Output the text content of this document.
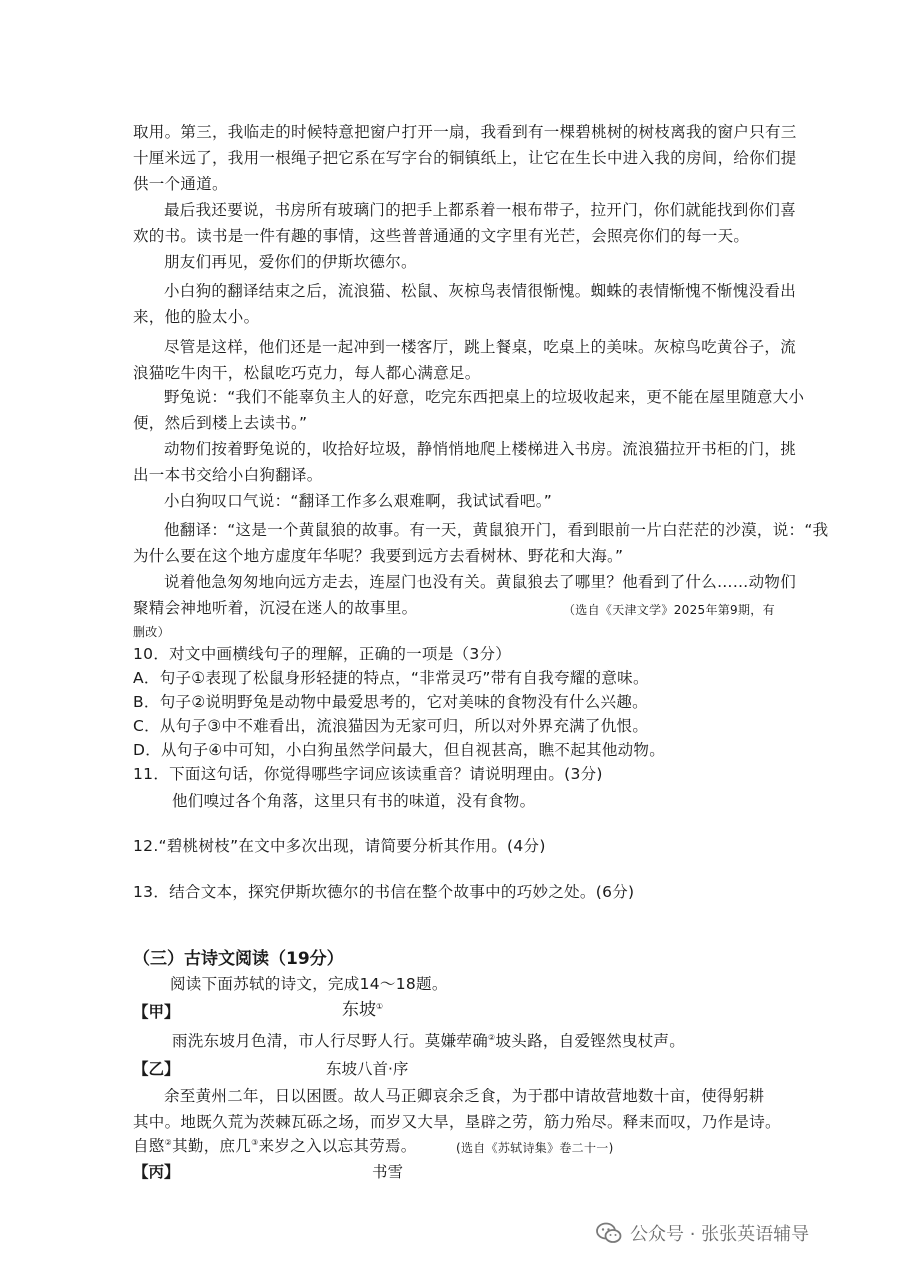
取用。第三，我临走的时候特意把窗户打开一扇，我看到有一棵碧桃树的树枝离我的窗户只有三
十厘米远了，我用一根绳子把它系在写字台的铜镇纸上，让它在生长中进入我的房间，给你们提
供一个通道。
最后我还要说，书房所有玻璃门的把手上都系着一根布带子，拉开门，你们就能找到你们喜
欢的书。读书是一件有趣的事情，这些普普通通的文字里有光芒，会照亮你们的每一天。
朋友们再见，爱你们的伊斯坎德尔。
小白狗的翻译结束之后，流浪猫、松鼠、灰椋鸟表情很惭愧。蜘蛛的表情惭愧不惭愧没看出
来，他的脸太小。
尽管是这样，他们还是一起冲到一楼客厅，跳上餐桌，吃桌上的美味。灰椋鸟吃黄谷子，流
浪猫吃牛肉干，松鼠吃巧克力，每人都心满意足。
野兔说：“我们不能辜负主人的好意，吃完东西把桌上的垃圾收起来，更不能在屋里随意大小
便，然后到楼上去读书。”
动物们按着野兔说的，收拾好垃圾，静悄悄地爬上楼梯进入书房。流浪猫拉开书柜的门，挑
出一本书交给小白狗翻译。
小白狗叹口气说：“翻译工作多么艰难啊，我试试看吧。”
他翻译：“这是一个黄鼠狼的故事。有一天，黄鼠狼开门，看到眼前一片白茫茫的沙漠，说：“我
为什么要在这个地方虚度年华呢？我要到远方去看树林、野花和大海。”
说着他急匆匆地向远方走去，连屋门也没有关。黄鼠狼去了哪里？他看到了什么……动物们
聚精会神地听着，沉浸在迷人的故事里。	（选自《天津文学》2025年第9期，有
删改）
10．对文中画横线句子的理解，正确的一项是（3分）
A．句子①表现了松鼠身形轻捷的特点，“非常灵巧”带有自我夸耀的意味。
B．句子②说明野兔是动物中最爱思考的，它对美味的食物没有什么兴趣。
C．从句子③中不难看出，流浪猫因为无家可归，所以对外界充满了仇恨。
D．从句子④中可知，小白狗虽然学问最大，但自视甚高，瞧不起其他动物。
11．下面这句话，你觉得哪些字词应该读重音？请说明理由。(3分)
他们嗅过各个角落，这里只有书的味道，没有食物。
12.“碧桃树枝”在文中多次出现，请简要分析其作用。(4分)
13．结合文本，探究伊斯坎德尔的书信在整个故事中的巧妙之处。(6分)
（三）古诗文阅读（19分）
阅读下面苏轼的诗文，完成14～18题。
【甲】	东坡①
雨洗东坡月色清，市人行尽野人行。莫嫌荦确②坡头路，自爱铿然曳杖声。
【乙】	东坡八首·序
余至黄州二年，日以困匮。故人马正卿哀余乏食，为于郡中请故营地数十亩，使得躬耕
其中。地既久荒为茨棘瓦砾之场，而岁又大旱，垦辟之劳，筋力殆尽。释耒而叹，乃作是诗。
自愍②其勤，庶几③来岁之入以忘其劳焉。	(选自《苏轼诗集》卷二十一)
【丙】	书雪
公众号 · 张张英语辅导
